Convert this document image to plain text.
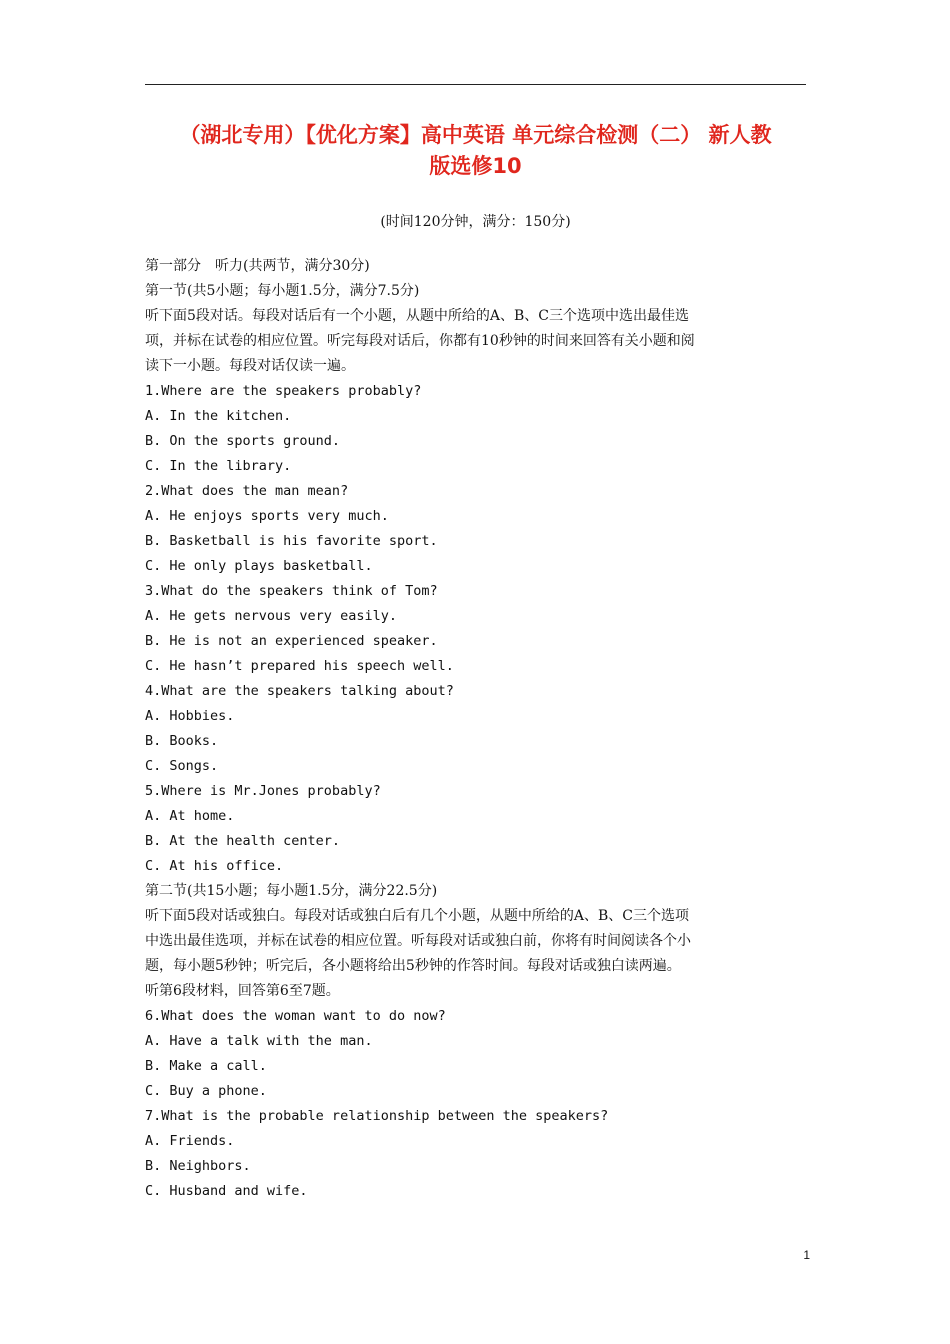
（湖北专用）【优化方案】高中英语 单元综合检测（二） 新人教
版选修10
(时间120分钟，满分：150分)
第一部分　听力(共两节，满分30分)
第一节(共5小题；每小题1.5分，满分7.5分)
听下面5段对话。每段对话后有一个小题，从题中所给的A、B、C三个选项中选出最佳选
项，并标在试卷的相应位置。听完每段对话后，你都有10秒钟的时间来回答有关小题和阅
读下一小题。每段对话仅读一遍。
1.Where are the speakers probably?
A. In the kitchen.
B. On the sports ground.
C. In the library.
2.What does the man mean?
A. He enjoys sports very much.
B. Basketball is his favorite sport.
C. He only plays basketball.
3.What do the speakers think of Tom?
A. He gets nervous very easily.
B. He is not an experienced speaker.
C. He hasn’t prepared his speech well.
4.What are the speakers talking about?
A. Hobbies.
B. Books.
C. Songs.
5.Where is Mr.Jones probably?
A. At home.
B. At the health center.
C. At his office.
第二节(共15小题；每小题1.5分，满分22.5分)
听下面5段对话或独白。每段对话或独白后有几个小题，从题中所给的A、B、C三个选项
中选出最佳选项，并标在试卷的相应位置。听每段对话或独白前，你将有时间阅读各个小
题，每小题5秒钟；听完后，各小题将给出5秒钟的作答时间。每段对话或独白读两遍。
听第6段材料，回答第6至7题。
6.What does the woman want to do now?
A. Have a talk with the man.
B. Make a call.
C. Buy a phone.
7.What is the probable relationship between the speakers?
A. Friends.
B. Neighbors.
C. Husband and wife.
1
